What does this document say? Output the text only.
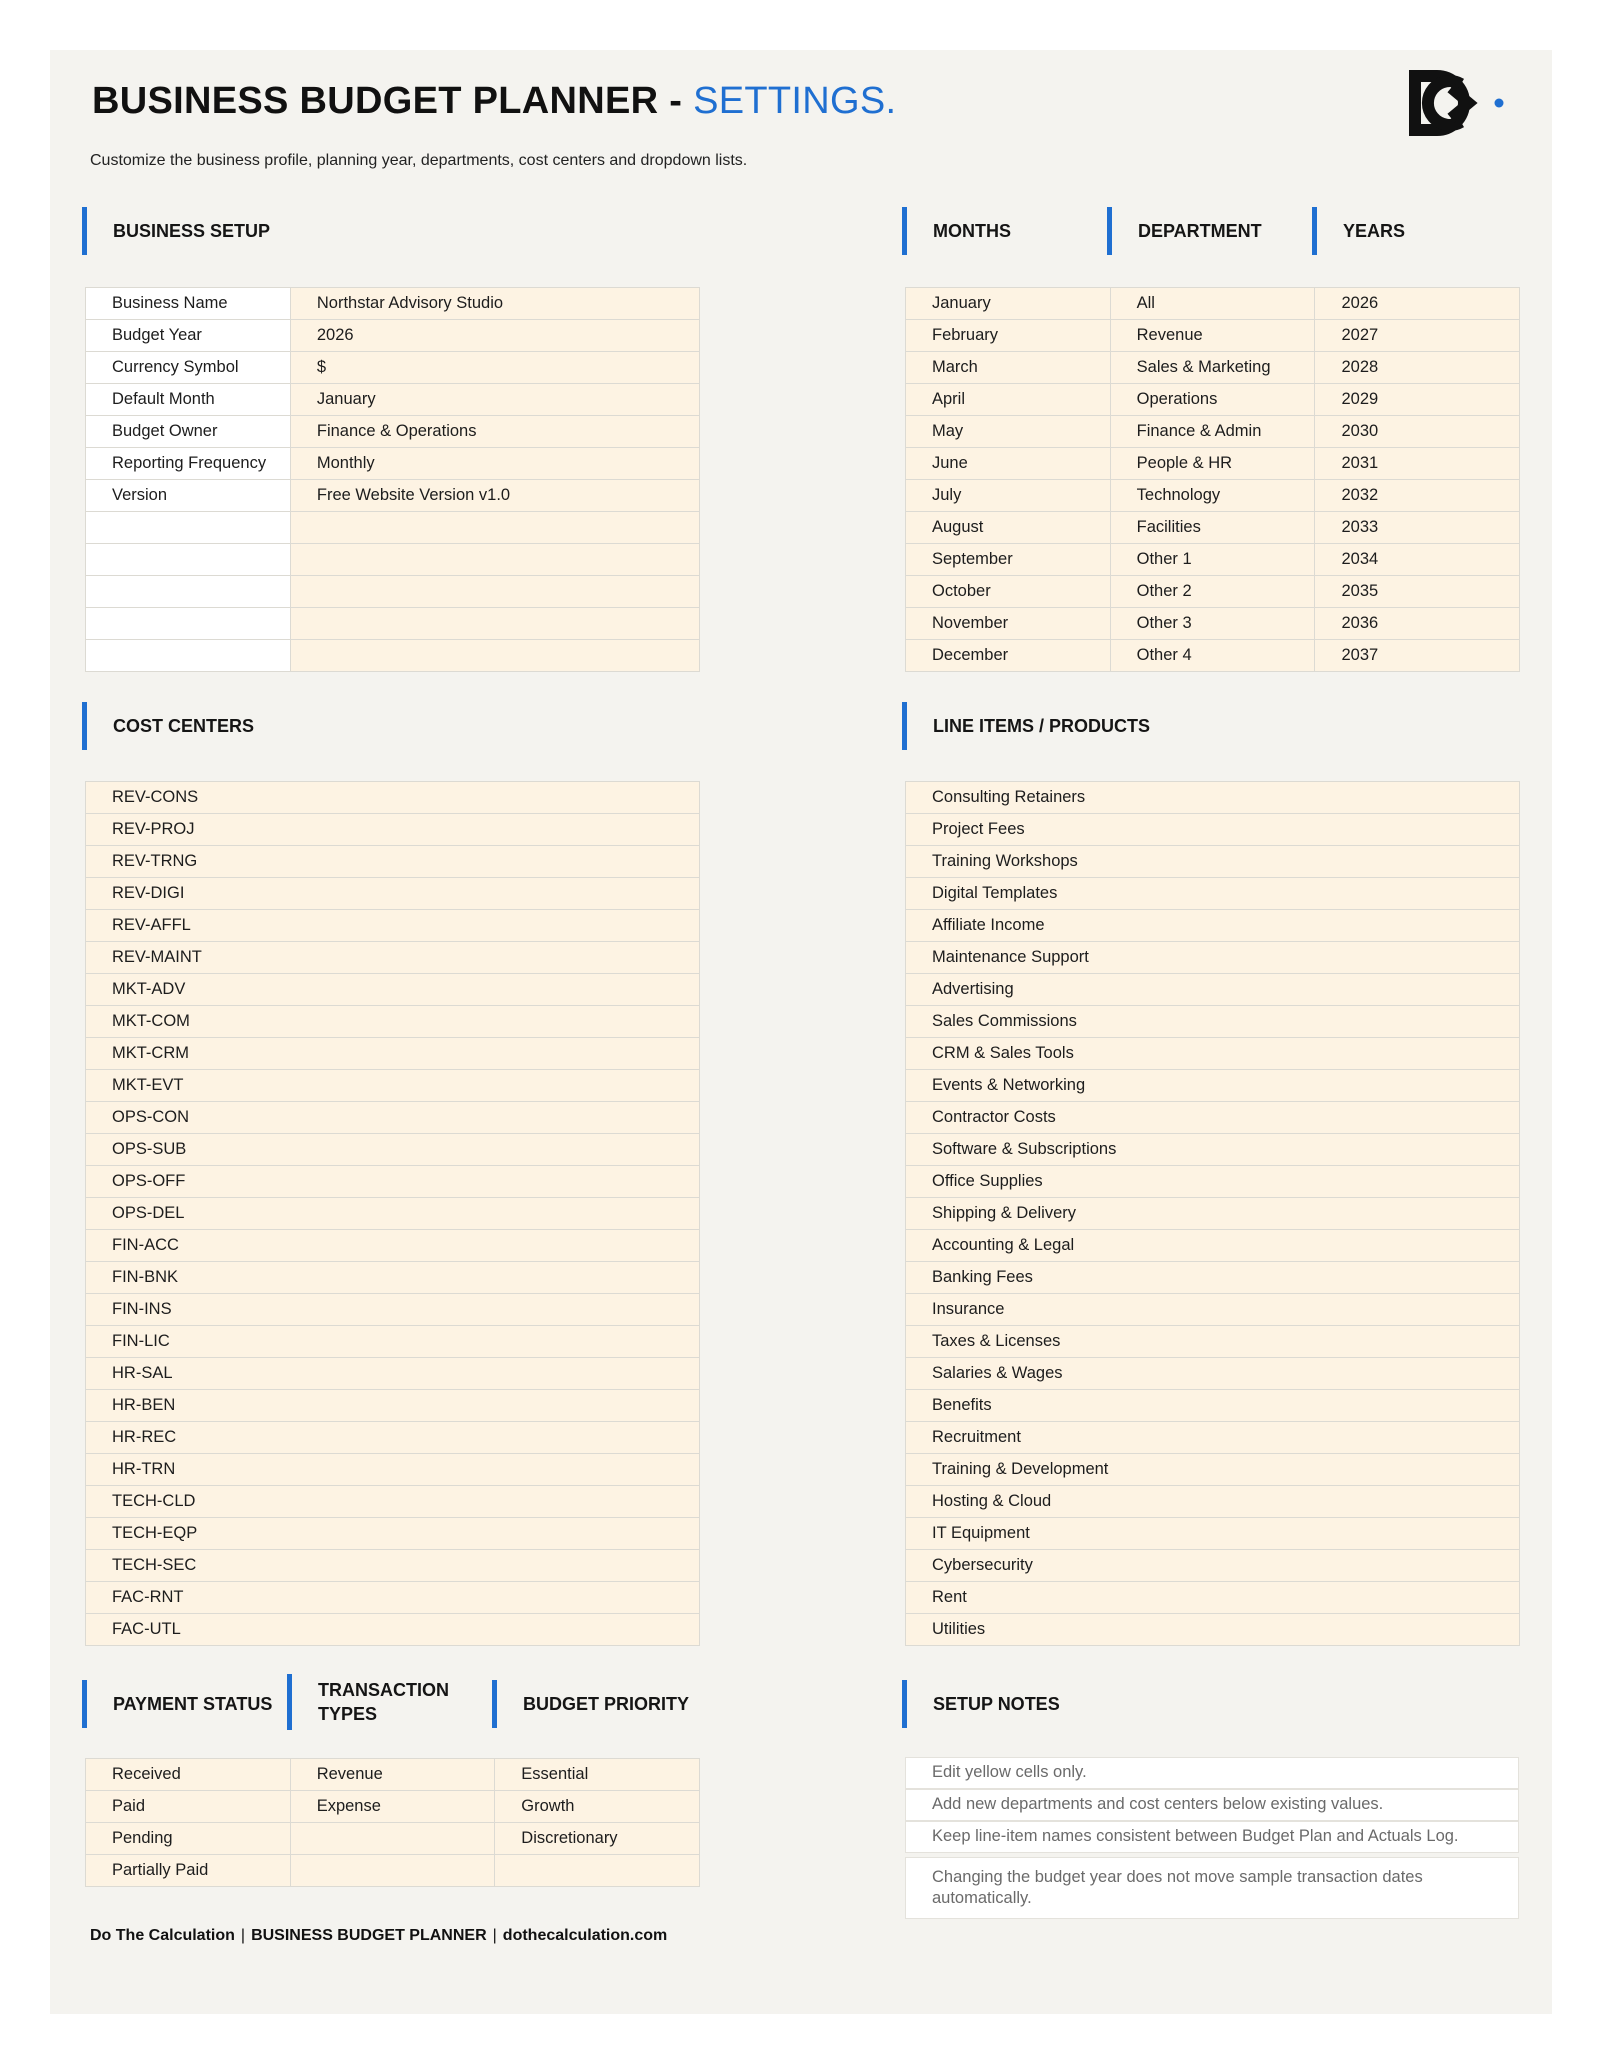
BUSINESS BUDGET PLANNER - SETTINGS.
Customize the business profile, planning year, departments, cost centers and dropdown lists.
BUSINESS SETUP	MONTHS	DEPARTMENT	YEARS
COST CENTERS	LINE ITEMS / PRODUCTS
PAYMENT STATUS
TRANSACTION TYPES
BUDGET PRIORITY	SETUP NOTES
Business Name	Northstar Advisory Studio
Budget Year	2026
Currency Symbol	$
Default Month	January
Budget Owner	Finance & Operations
Reporting Frequency	Monthly
Version	Free Website Version v1.0

January	All	2026
February	Revenue	2027
March	Sales & Marketing	2028
April	Operations	2029
May	Finance & Admin	2030
June	People & HR	2031
July	Technology	2032
August	Facilities	2033
September	Other 1	2034
October	Other 2	2035
November	Other 3	2036
December	Other 4	2037
REV-CONS
REV-PROJ
REV-TRNG
REV-DIGI
REV-AFFL
REV-MAINT
MKT-ADV
MKT-COM
MKT-CRM
MKT-EVT
OPS-CON
OPS-SUB
OPS-OFF
OPS-DEL
FIN-ACC
FIN-BNK
FIN-INS
FIN-LIC
HR-SAL
HR-BEN
HR-REC
HR-TRN
TECH-CLD
TECH-EQP
TECH-SEC
FAC-RNT
FAC-UTL
Consulting Retainers
Project Fees
Training Workshops
Digital Templates
Affiliate Income
Maintenance Support
Advertising
Sales Commissions
CRM & Sales Tools
Events & Networking
Contractor Costs
Software & Subscriptions
Office Supplies
Shipping & Delivery
Accounting & Legal
Banking Fees
Insurance
Taxes & Licenses
Salaries & Wages
Benefits
Recruitment
Training & Development
Hosting & Cloud
IT Equipment
Cybersecurity
Rent
Utilities
Received	Revenue	Essential
Paid	Expense	Growth
Pending		Discretionary
Partially Paid		
Edit yellow cells only.
Add new departments and cost centers below existing values.
Keep line-item names consistent between Budget Plan and Actuals Log.
Changing the budget year does not move sample transaction dates automatically.
Do The Calculation | BUSINESS BUDGET PLANNER | dothecalculation.com
